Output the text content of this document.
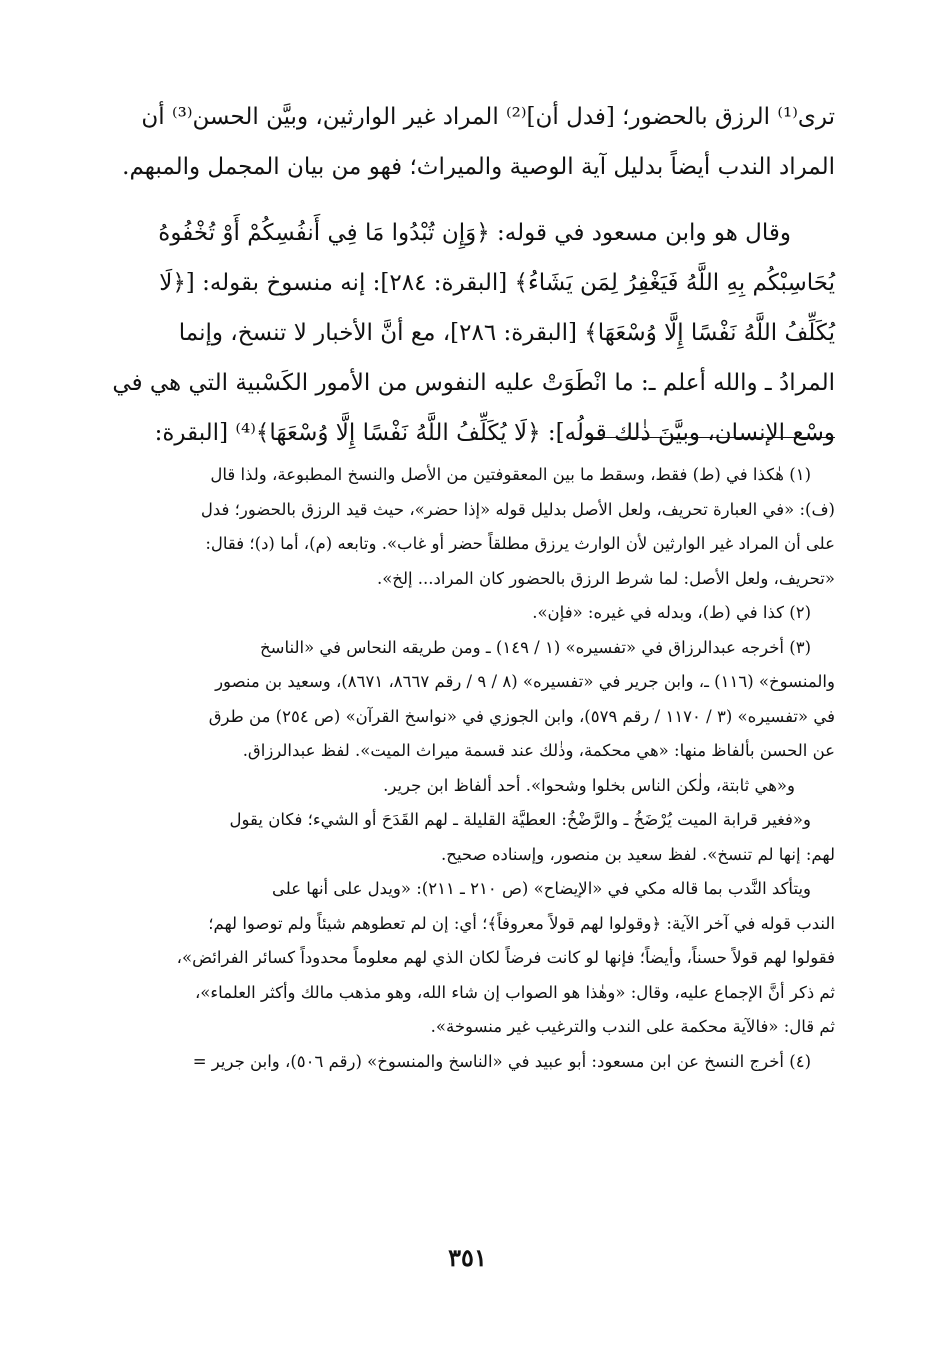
ترى⁽¹⁾ الرزق بالحضور؛ [فدل أن]⁽²⁾ المراد غير الوارثين، وبيَّن الحسن⁽³⁾ أن
المراد الندب أيضاً بدليل آية الوصية والميراث؛ فهو من بيان المجمل والمبهم.
وقال هو وابن مسعود في قوله: ﴿وَإِن تُبْدُوا مَا فِي أَنفُسِكُمْ أَوْ تُخْفُوهُ
يُحَاسِبْكُم بِهِ اللَّهُ فَيَغْفِرُ لِمَن يَشَاءُ﴾ [البقرة: ٢٨٤]: إنه منسوخ بقوله: [﴿لَا
يُكَلِّفُ اللَّهُ نَفْسًا إِلَّا وُسْعَهَا﴾ [البقرة: ٢٨٦]، مع أنَّ الأخبار لا تنسخ، وإنما
المرادُ ـ والله أعلم ـ: ما انْطَوَتْ عليه النفوس من الأمور الكَسْبية التي هي في
وسْع الإنسان، وبيَّنَ ذٰلك قولُه]: ﴿لَا يُكَلِّفُ اللَّهُ نَفْسًا إِلَّا وُسْعَهَا﴾⁽⁴⁾ [البقرة:
(١) هٰكذا في (ط) فقط، وسقط ما بين المعقوفتين من الأصل والنسخ المطبوعة، ولذا قال
(ف): «في العبارة تحريف، ولعل الأصل بدليل قوله «إذا حضر»، حيث قيد الرزق بالحضور؛ فدل
على أن المراد غير الوارثين لأن الوارث يرزق مطلقاً حضر أو غاب». وتابعه (م)، أما (د)؛ فقال:
«تحريف، ولعل الأصل: لما شرط الرزق بالحضور كان المراد... إلخ».
(٢) كذا في (ط)، وبدله في غيره: «فإن».
(٣) أخرجه عبدالرزاق في «تفسيره» (١ / ١٤٩) ـ ومن طريقه النحاس في «الناسخ
والمنسوخ» (١١٦) ـ، وابن جرير في «تفسيره» (٨ / ٩ / رقم ٨٦٦٧، ٨٦٧١)، وسعيد بن منصور
في «تفسيره» (٣ / ١١٧٠ / رقم ٥٧٩)، وابن الجوزي في «نواسخ القرآن» (ص ٢٥٤) من طرق
عن الحسن بألفاظ منها: «هي محكمة، وذٰلك عند قسمة ميراث الميت». لفظ عبدالرزاق.
و«هي ثابتة، ولٰكن الناس بخلوا وشحوا». أحد ألفاظ ابن جرير.
و«فغير قرابة الميت يُرْضَخُ ـ والرَّضْخُ: العطيَّة القليلة ـ لهم القَدَحَ أو الشيء؛ فكان يقول
لهم: إنها لم تنسخ». لفظ سعيد بن منصور، وإسناده صحيح.
ويتأكد النَّدب بما قاله مكي في «الإيضاح» (ص ٢١٠ ـ ٢١١): «ويدل على أنها على
الندب قوله في آخر الآية: ﴿وقولوا لهم قولاً معروفاً﴾؛ أي: إن لم تعطوهم شيئاً ولم توصوا لهم؛
فقولوا لهم قولاً حسناً، وأيضاً؛ فإنها لو كانت فرضاً لكان الذي لهم معلوماً محدوداً كسائر الفرائض»،
ثم ذكر أنَّ الإجماع عليه، وقال: «وهٰذا هو الصواب إن شاء الله، وهو مذهب مالك وأكثر العلماء»،
ثم قال: «فالآية محكمة على الندب والترغيب غير منسوخة».
(٤) أخرج النسخ عن ابن مسعود: أبو عبيد في «الناسخ والمنسوخ» (رقم ٥٠٦)، وابن جرير =
٣٥١
